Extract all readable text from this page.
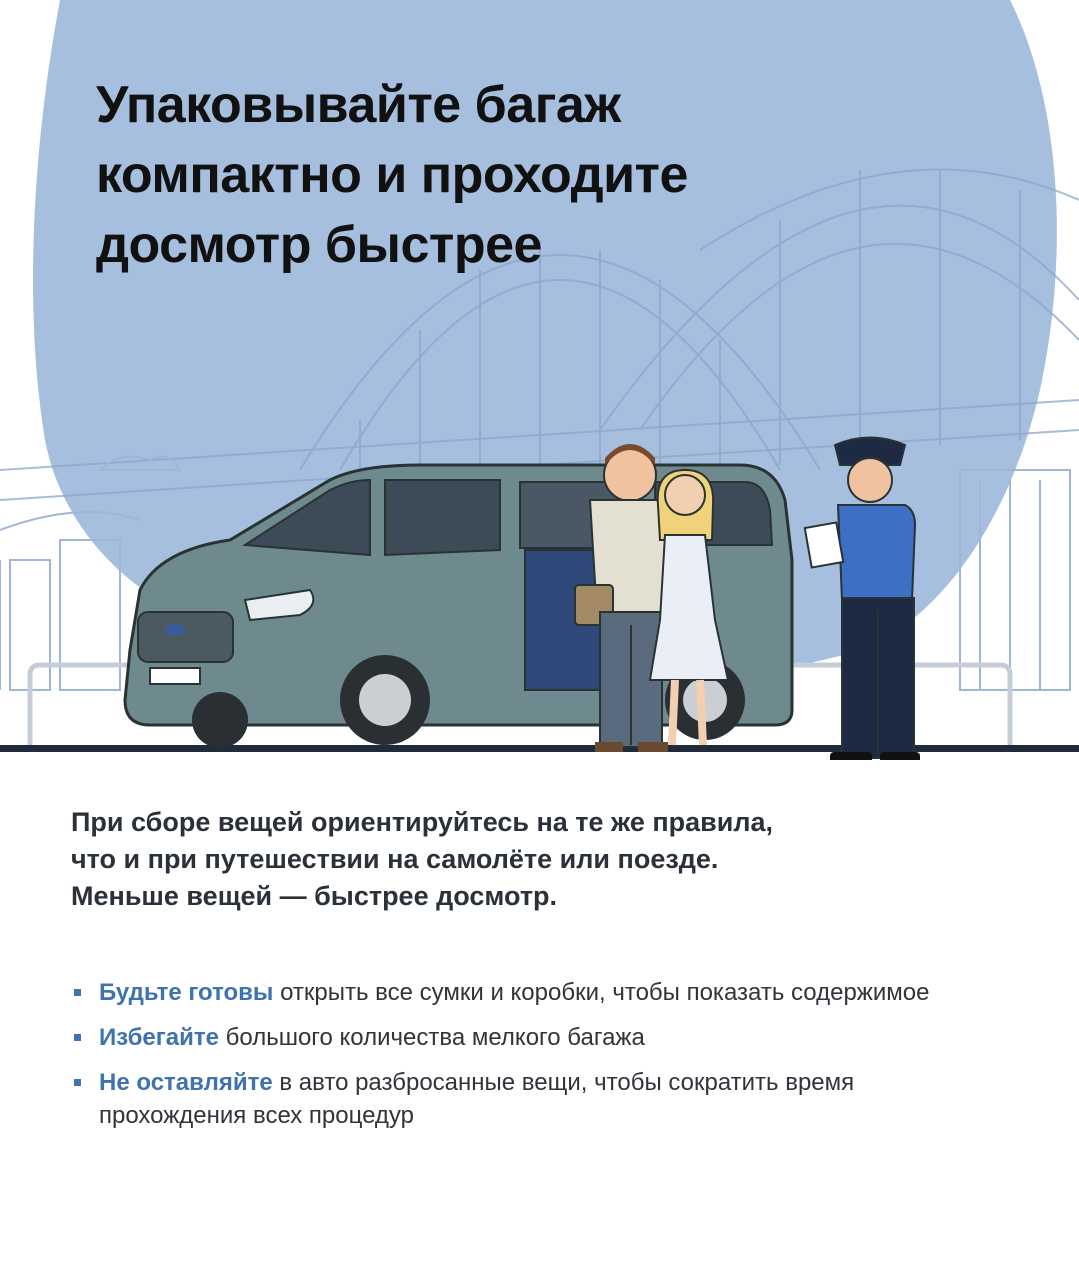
Упаковывайте багаж
компактно и проходите
досмотр быстрее

При сборе вещей ориентируйтесь на те же правила,
что и при путешествии на самолёте или поезде.
Меньше вещей — быстрее досмотр.

Будьте готовы открыть все сумки и коробки, чтобы показать содержимое
Избегайте большого количества мелкого багажа
Не оставляйте в авто разбросанные вещи, чтобы сократить время прохождения всех процедур
